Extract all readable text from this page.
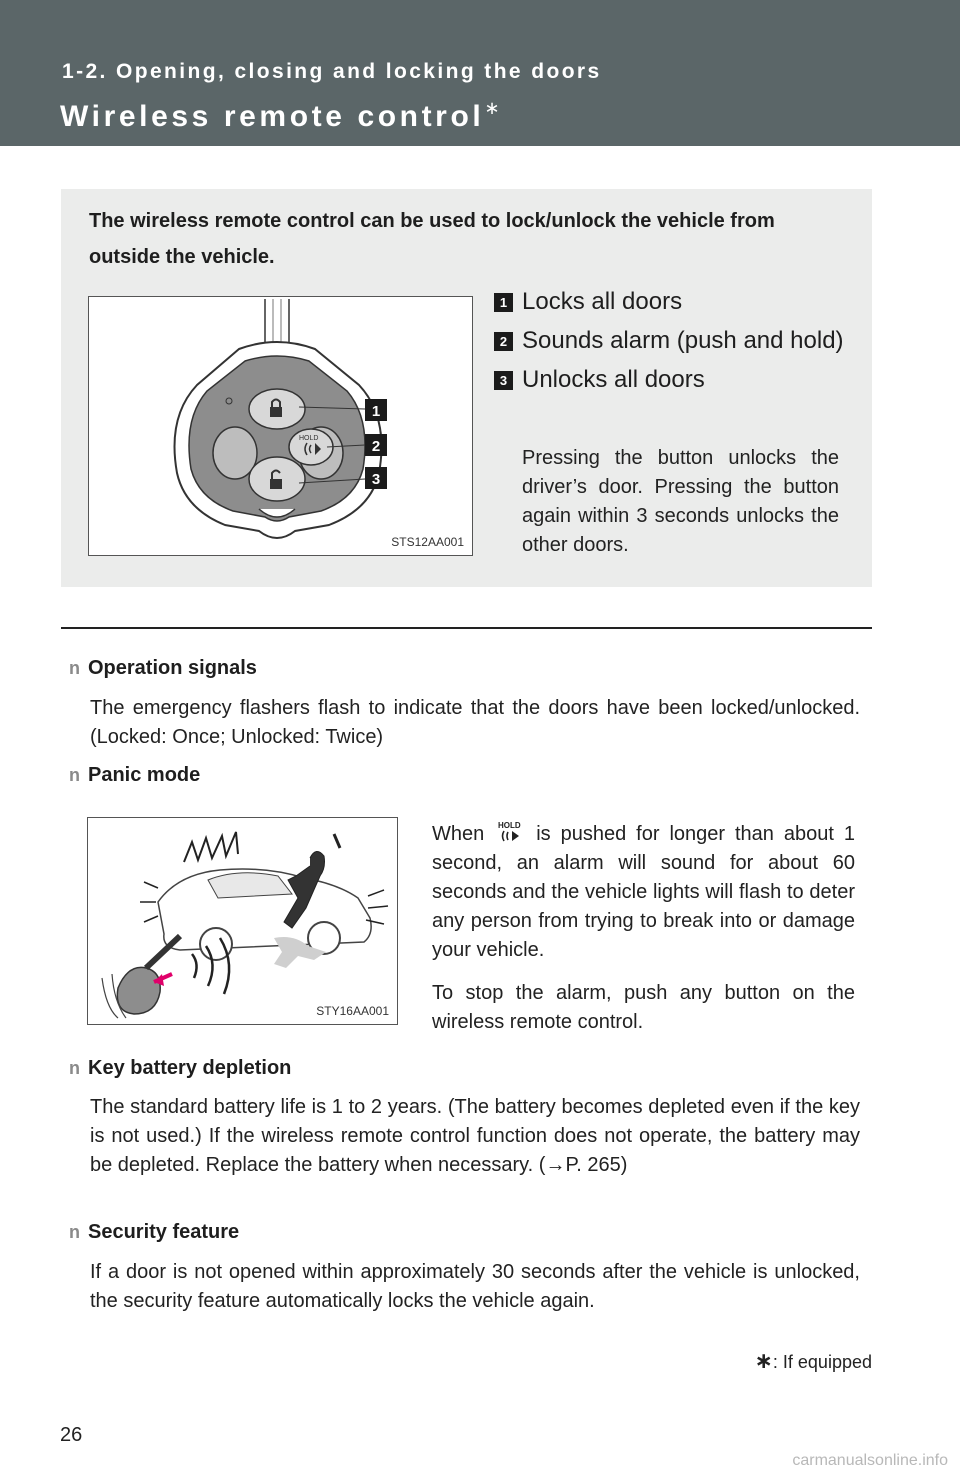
1-2. Opening, closing and locking the doors
Wireless remote control∗
The wireless remote control can be used to lock/unlock the vehicle from outside the vehicle.
HOLD
1
2
3
STS12AA001
1 Locks all doors
2 Sounds alarm (push and hold)
3 Unlocks all doors
Pressing the button unlocks the driver’s door. Pressing the button again within 3 seconds unlocks the other doors.
n Operation signals
The emergency flashers flash to indicate that the doors have been locked/unlocked. (Locked: Once; Unlocked: Twice)
n Panic mode
STY16AA001
When HOLD is pushed for longer than about 1 second, an alarm will sound for about 60 seconds and the vehicle lights will flash to deter any person from trying to break into or damage your vehicle.
To stop the alarm, push any button on the wireless remote control.
n Key battery depletion
The standard battery life is 1 to 2 years. (The battery becomes depleted even if the key is not used.) If the wireless remote control function does not operate, the battery may be depleted. Replace the battery when necessary. (→P. 265)
n Security feature
If a door is not opened within approximately 30 seconds after the vehicle is unlocked, the security feature automatically locks the vehicle again.
∗: If equipped
26
carmanualsonline.info
